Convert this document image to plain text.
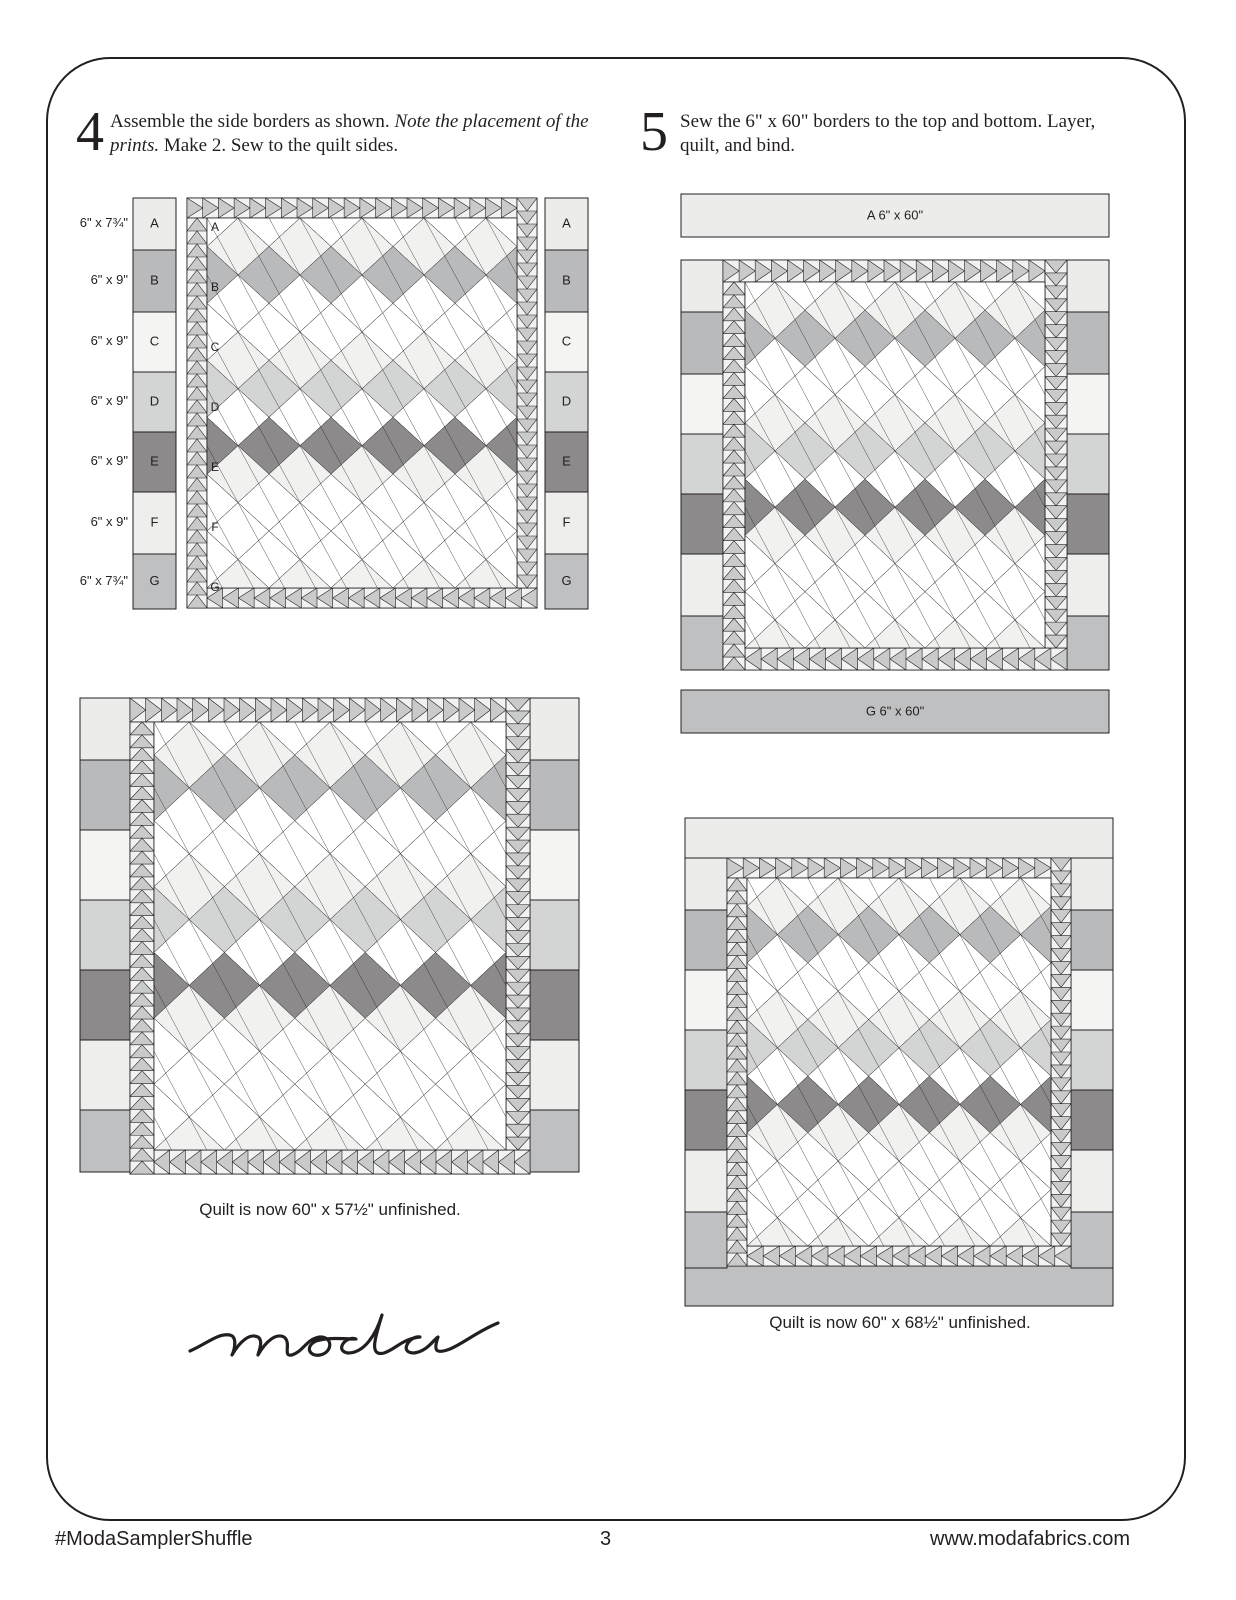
4 Assemble the side borders as shown. Note the placement of the prints. Make 2. Sew to the quilt sides.	5 Sew the 6" x 60" borders to the top and bottom. Layer, quilt, and bind.
6" x 7¾"
6" x 9"
6" x 9"
6" x 9"
6" x 9"
6" x 9"
6" x 7¾"
A
B
C
D
E
F
G
A
B
C
D
E
F
G
A
B
C
D
E
F
G
A 6" x 60"
G 6" x 60"
Quilt is now 60" x 57½" unfinished.
Quilt is now 60" x 68½" unfinished.
#ModaSamplerShuffle	3	www.modafabrics.com
